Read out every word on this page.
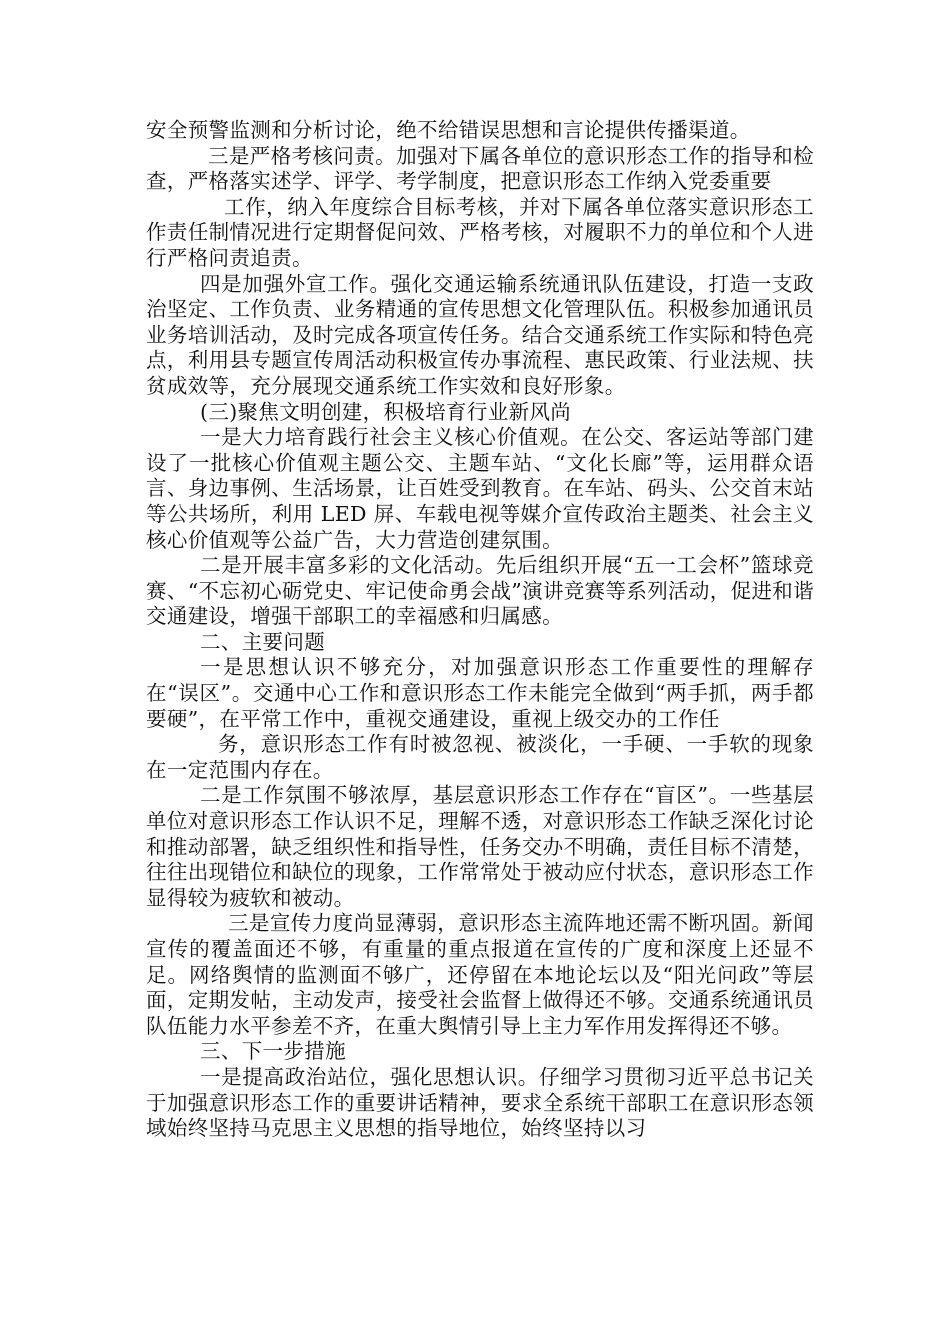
安全预警监测和分析讨论，绝不给错误思想和言论提供传播渠道。

三是严格考核问责。加强对下属各单位的意识形态工作的指导和检查，严格落实述学、评学、考学制度，把意识形态工作纳入党委重要

工作，纳入年度综合目标考核，并对下属各单位落实意识形态工作责任制情况进行定期督促问效、严格考核，对履职不力的单位和个人进行严格问责追责。

四是加强外宣工作。强化交通运输系统通讯队伍建设，打造一支政治坚定、工作负责、业务精通的宣传思想文化管理队伍。积极参加通讯员业务培训活动，及时完成各项宣传任务。结合交通系统工作实际和特色亮点，利用县专题宣传周活动积极宣传办事流程、惠民政策、行业法规、扶贫成效等，充分展现交通系统工作实效和良好形象。

(三)聚焦文明创建，积极培育行业新风尚

一是大力培育践行社会主义核心价值观。在公交、客运站等部门建设了一批核心价值观主题公交、主题车站、“文化长廊”等，运用群众语言、身边事例、生活场景，让百姓受到教育。在车站、码头、公交首末站等公共场所，利用 LED 屏、车载电视等媒介宣传政治主题类、社会主义核心价值观等公益广告，大力营造创建氛围。

二是开展丰富多彩的文化活动。先后组织开展“五一工会杯”篮球竞赛、“不忘初心砺党史、牢记使命勇会战”演讲竞赛等系列活动，促进和谐交通建设，增强干部职工的幸福感和归属感。

二、主要问题

一是思想认识不够充分，对加强意识形态工作重要性的理解存在“误区”。交通中心工作和意识形态工作未能完全做到“两手抓，两手都要硬”，在平常工作中，重视交通建设，重视上级交办的工作任

务，意识形态工作有时被忽视、被淡化，一手硬、一手软的现象在一定范围内存在。

二是工作氛围不够浓厚，基层意识形态工作存在“盲区”。一些基层单位对意识形态工作认识不足，理解不透，对意识形态工作缺乏深化讨论和推动部署，缺乏组织性和指导性，任务交办不明确，责任目标不清楚，往往出现错位和缺位的现象，工作常常处于被动应付状态，意识形态工作显得较为疲软和被动。

三是宣传力度尚显薄弱，意识形态主流阵地还需不断巩固。新闻宣传的覆盖面还不够，有重量的重点报道在宣传的广度和深度上还显不足。网络舆情的监测面不够广，还停留在本地论坛以及“阳光问政”等层面，定期发帖，主动发声，接受社会监督上做得还不够。交通系统通讯员队伍能力水平参差不齐，在重大舆情引导上主力军作用发挥得还不够。

三、下一步措施

一是提高政治站位，强化思想认识。仔细学习贯彻习近平总书记关于加强意识形态工作的重要讲话精神，要求全系统干部职工在意识形态领域始终坚持马克思主义思想的指导地位，始终坚持以习
